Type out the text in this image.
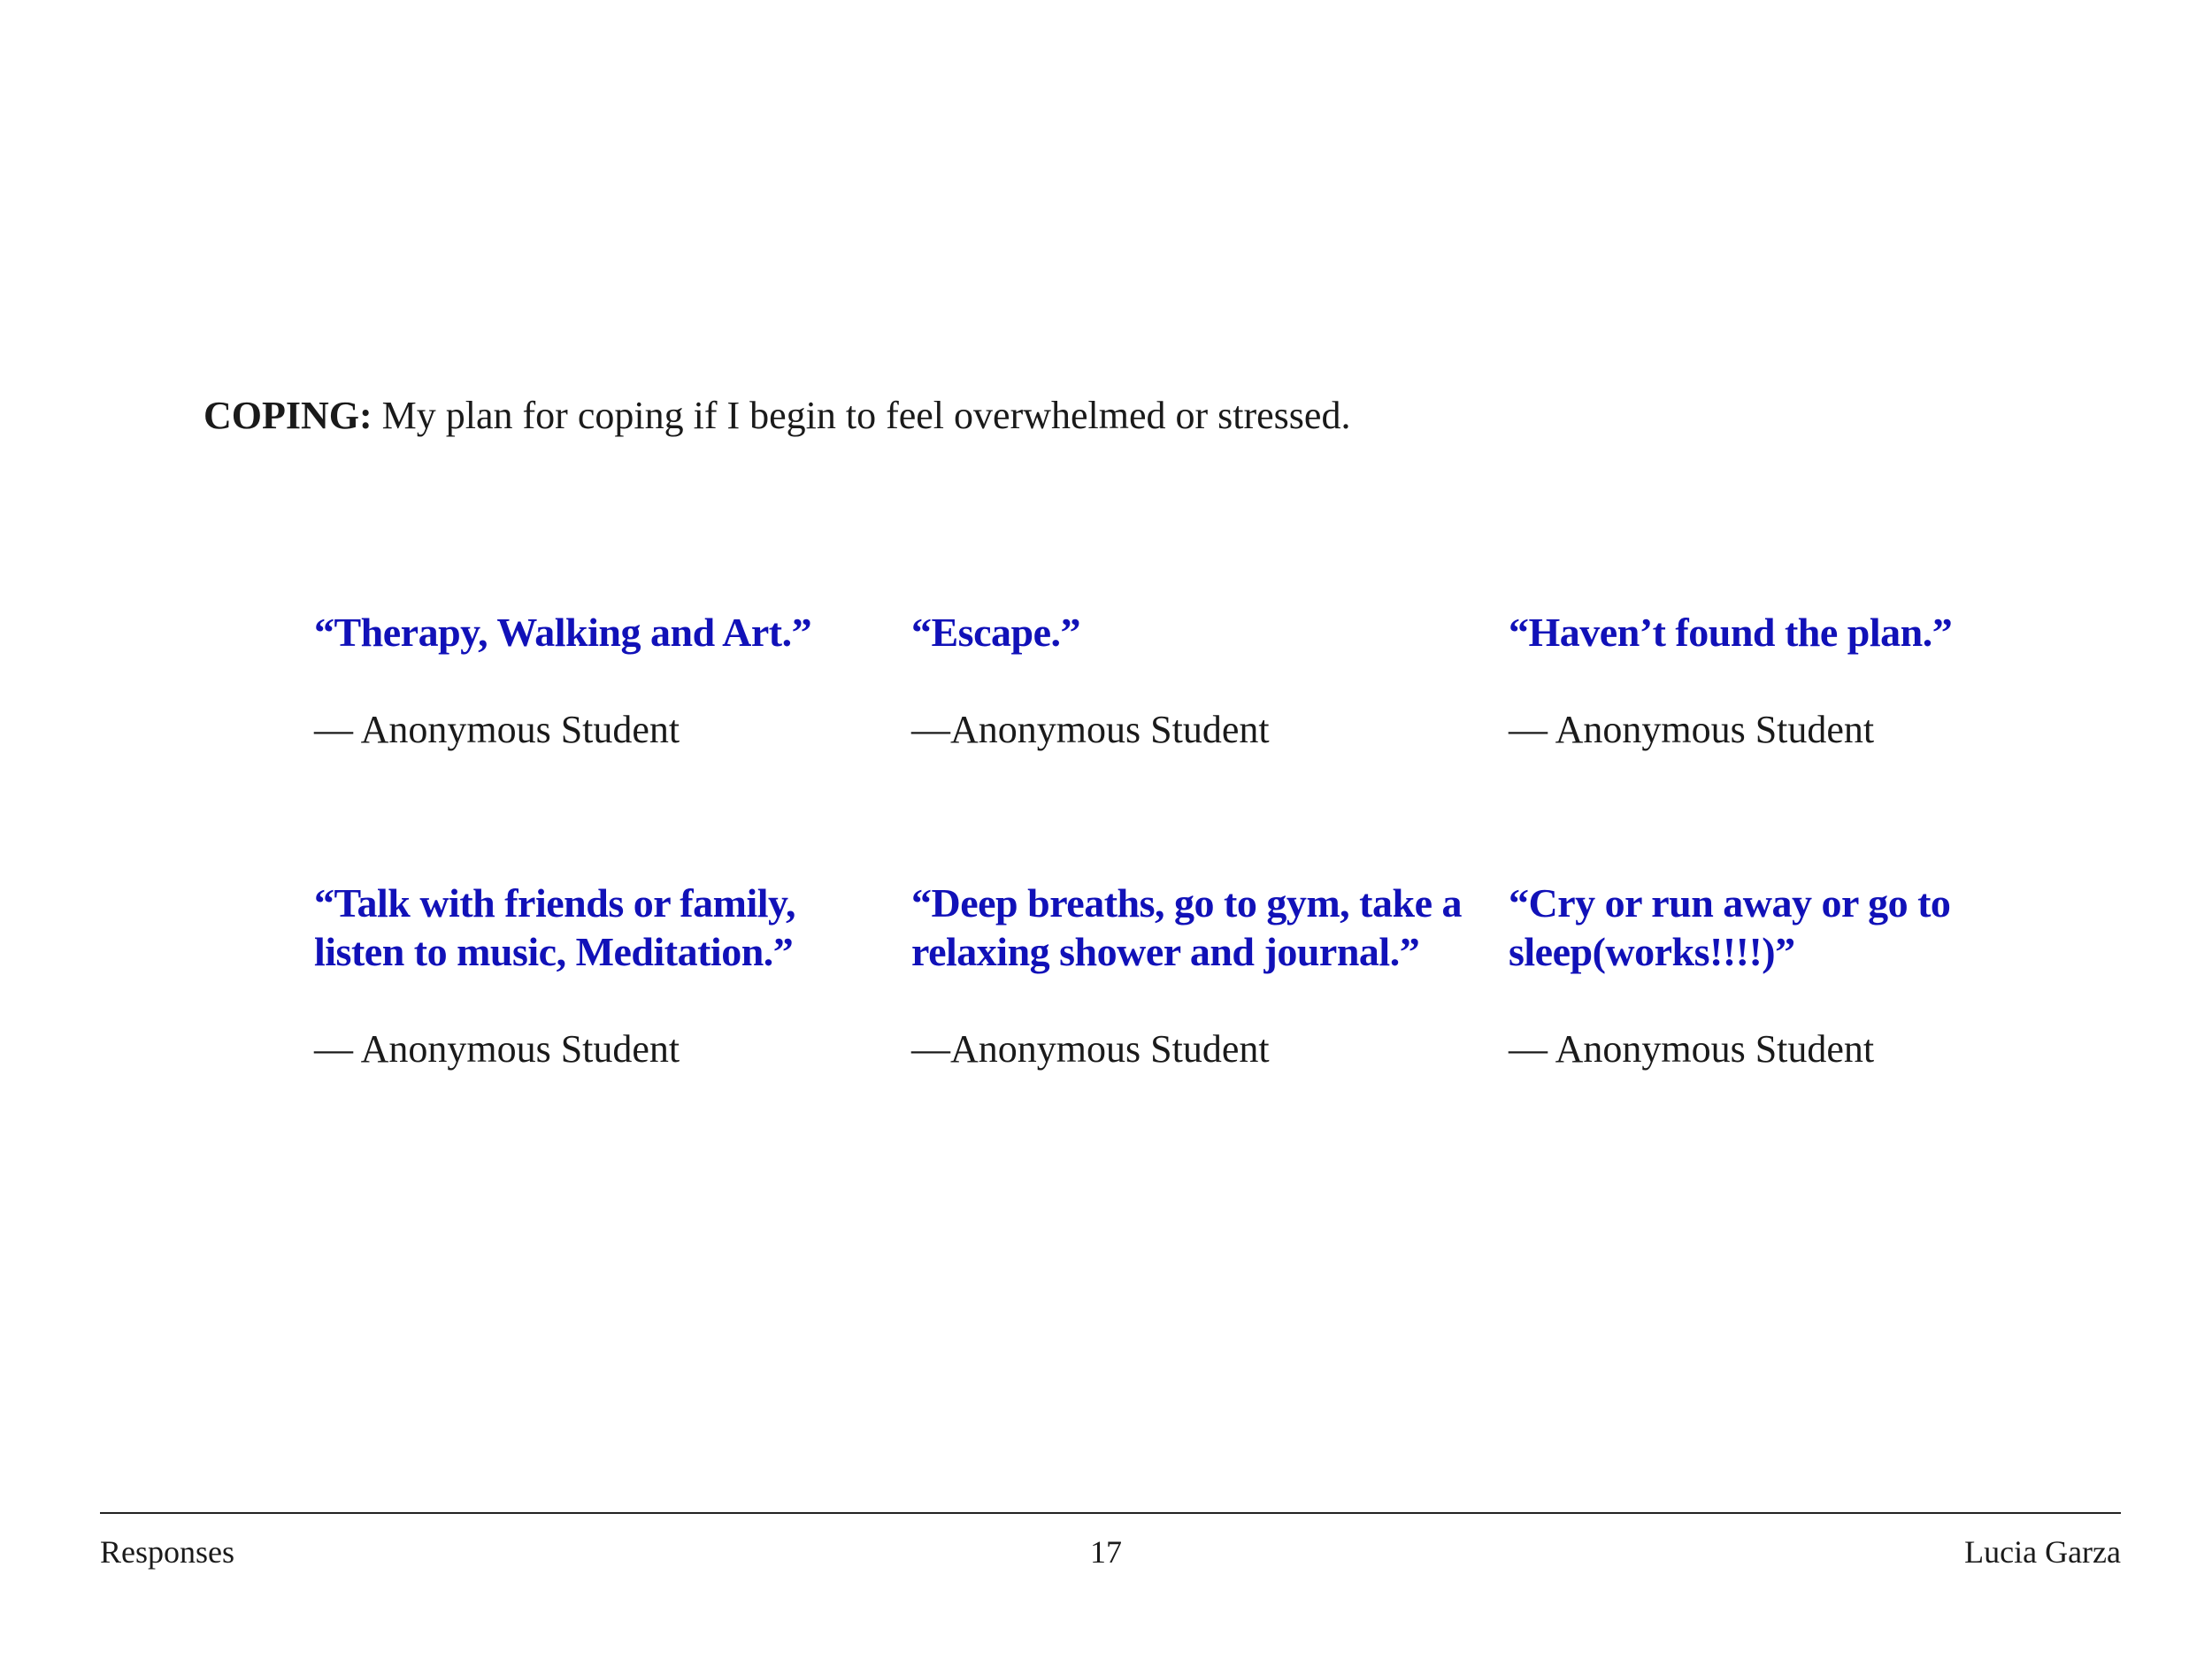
COPING: My plan for coping if I begin to feel overwhelmed or stressed.
“Therapy, Walking and Art.”
— Anonymous Student
“Escape.”
—Anonymous Student
“Haven’t found the plan.”
— Anonymous Student
“Talk with friends or family, listen to music, Meditation.”
— Anonymous Student
“Deep breaths, go to gym, take a relaxing shower and journal.”
—Anonymous Student
“Cry or run away or go to sleep(works!!!!)”
— Anonymous Student
Responses	17	Lucia Garza
